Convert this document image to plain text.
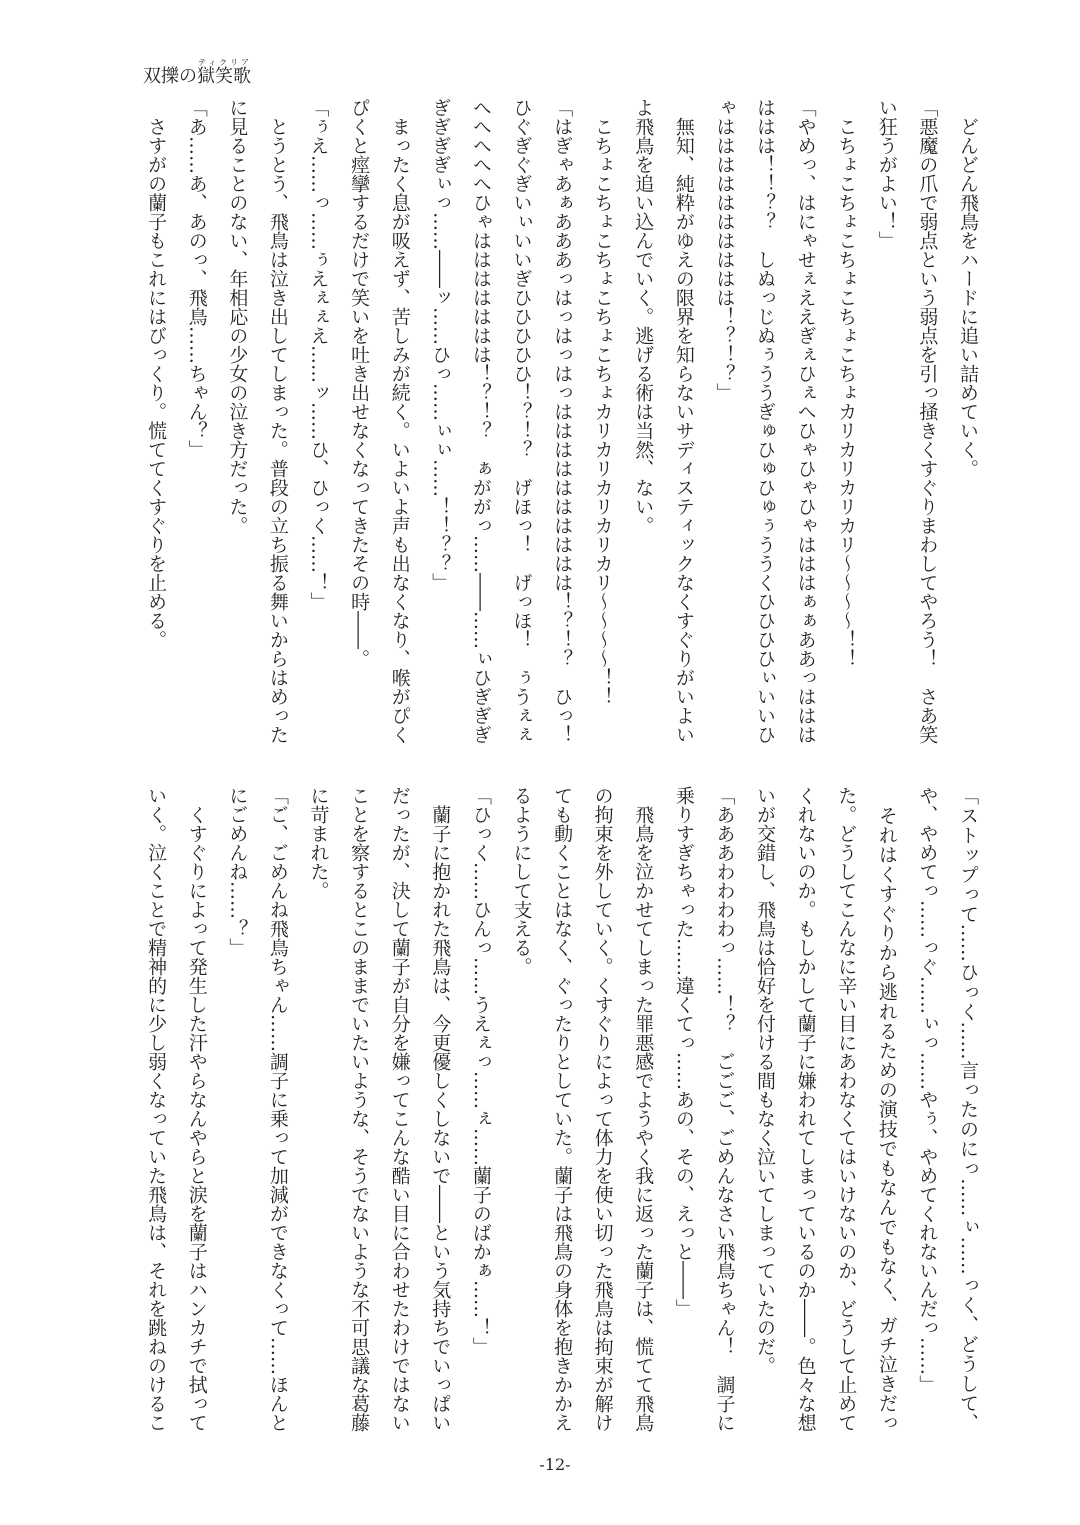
双擽の獄笑歌ティクリア

　どんどん飛鳥をハードに追い詰めていく。

「悪魔の爪で弱点という弱点を引っ掻きくすぐりまわしてやろう！　さあ笑い狂うがよい！」

　こちょこちょこちょこちょこちょカリカリカリカリ～～～～！！

「やめっ、はにゃせぇええぎぇひぇへひゃひゃひゃはははぁぁああっはははははは！！？？　しぬっじぬぅううぎゅひゅひゅぅううくひひひひぃいいひゃはははははははははは！？！？」

　無知、純粋がゆえの限界を知らないサディスティックなくすぐりがいよいよ飛鳥を追い込んでいく。逃げる術は当然、ない。

　こちょこちょこちょこちょこちょカリカリカリカリカリ～～～～！！

「はぎゃあぁあああっはっはっはっはははははははははは！？！？　ひっ！ひぐぎぐぎいぃいいぎひひひひひ！？！？　げほっ！　げっほ！　ぅうぇぇへへへへへひゃははははははは！？！？　ぁががっ……――……ぃひぎぎぎぎぎぎぎぃっ……――ッ……ひっ……ぃぃ……！！？？」

　まったく息が吸えず、苦しみが続く。いよいよ声も出なくなり、喉がぴくぴくと痙攣するだけで笑いを吐き出せなくなってきたその時――。

「ぅえ……っ……ぅえぇぇえ……ッ……ひ、ひっく……！」

　とうとう、飛鳥は泣き出してしまった。普段の立ち振る舞いからはめったに見ることのない、年相応の少女の泣き方だった。

「あ……あ、あのっ、飛鳥……ちゃん？」

　さすがの蘭子もこれにはびっくり。慌ててくすぐりを止める。

「ストップって……ひっく……言ったのにっ……ぃ……っく、どうして、や、やめてっ……っぐ……ぃっ……やぅ、やめてくれないんだっ……」

　それはくすぐりから逃れるための演技でもなんでもなく、ガチ泣きだった。どうしてこんなに辛い目にあわなくてはいけないのか、どうして止めてくれないのか。もしかして蘭子に嫌われてしまっているのか――。色々な想いが交錯し、飛鳥は恰好を付ける間もなく泣いてしまっていたのだ。

「あああわわわわっ……！？　ごごご、ごめんなさい飛鳥ちゃん！　調子に乗りすぎちゃった……違くてっ……あの、その、えっと――」

　飛鳥を泣かせてしまった罪悪感でようやく我に返った蘭子は、慌てて飛鳥の拘束を外していく。くすぐりによって体力を使い切った飛鳥は拘束が解けても動くことはなく、ぐったりとしていた。蘭子は飛鳥の身体を抱きかかえるようにして支える。

「ひっく……ひんっ……うえぇっ……ぇ……蘭子のばかぁ……！」

　蘭子に抱かれた飛鳥は、今更優しくしないで――という気持ちでいっぱいだったが、決して蘭子が自分を嫌ってこんな酷い目に合わせたわけではないことを察するとこのままでいたいような、そうでないような不可思議な葛藤に苛まれた。

「ご、ごめんね飛鳥ちゃん……調子に乗って加減ができなくって……ほんとにごめんね……？」

　くすぐりによって発生した汗やらなんやらと涙を蘭子はハンカチで拭っていく。泣くことで精神的に少し弱くなっていた飛鳥は、それを跳ねのけるこ

-12-
